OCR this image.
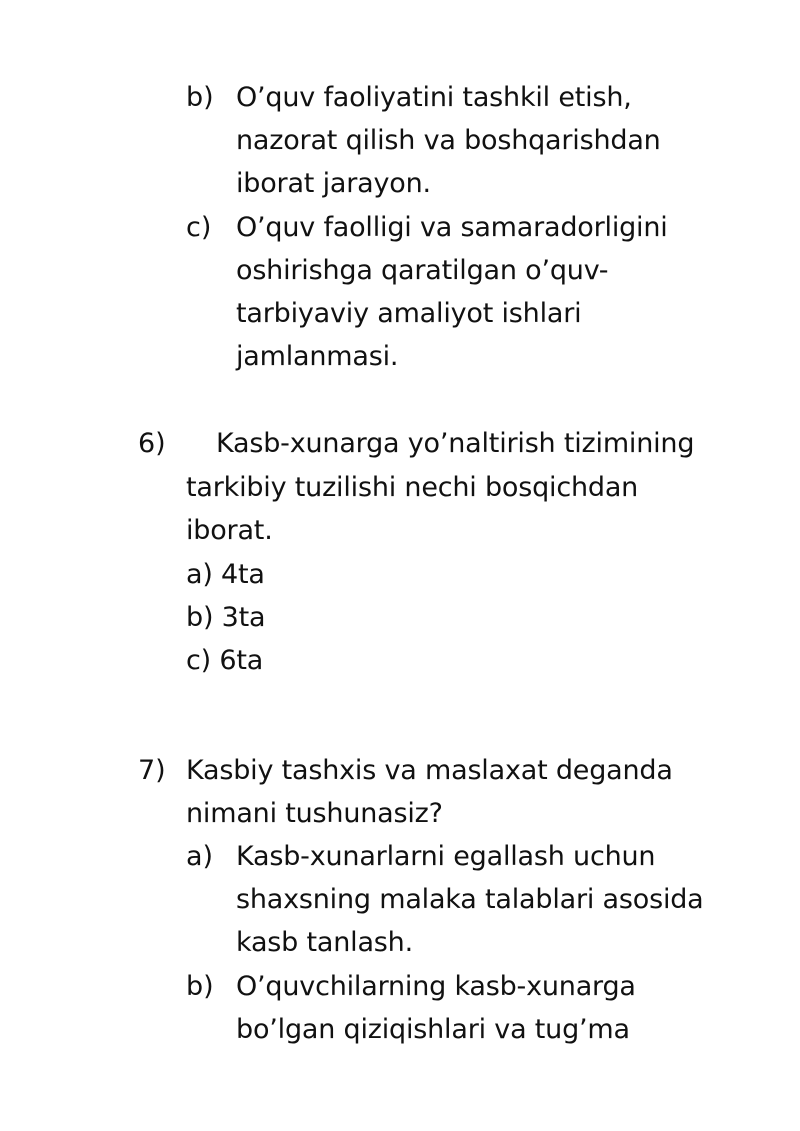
b) O’quv faoliyatini tashkil etish,
nazorat qilish va boshqarishdan
iborat jarayon.
c) O’quv faolligi va samaradorligini
oshirishga qaratilgan o’quv-
tarbiyaviy amaliyot ishlari
jamlanmasi.
6) Kasb-xunarga yo’naltirish tizimining
tarkibiy tuzilishi nechi bosqichdan
iborat.
a) 4ta
b) 3ta
c) 6ta
7) Kasbiy tashxis va maslaxat deganda
nimani tushunasiz?
a) Kasb-xunarlarni egallash uchun
shaxsning malaka talablari asosida
kasb tanlash.
b) O’quvchilarning kasb-xunarga
bo’lgan qiziqishlari va tug’ma
